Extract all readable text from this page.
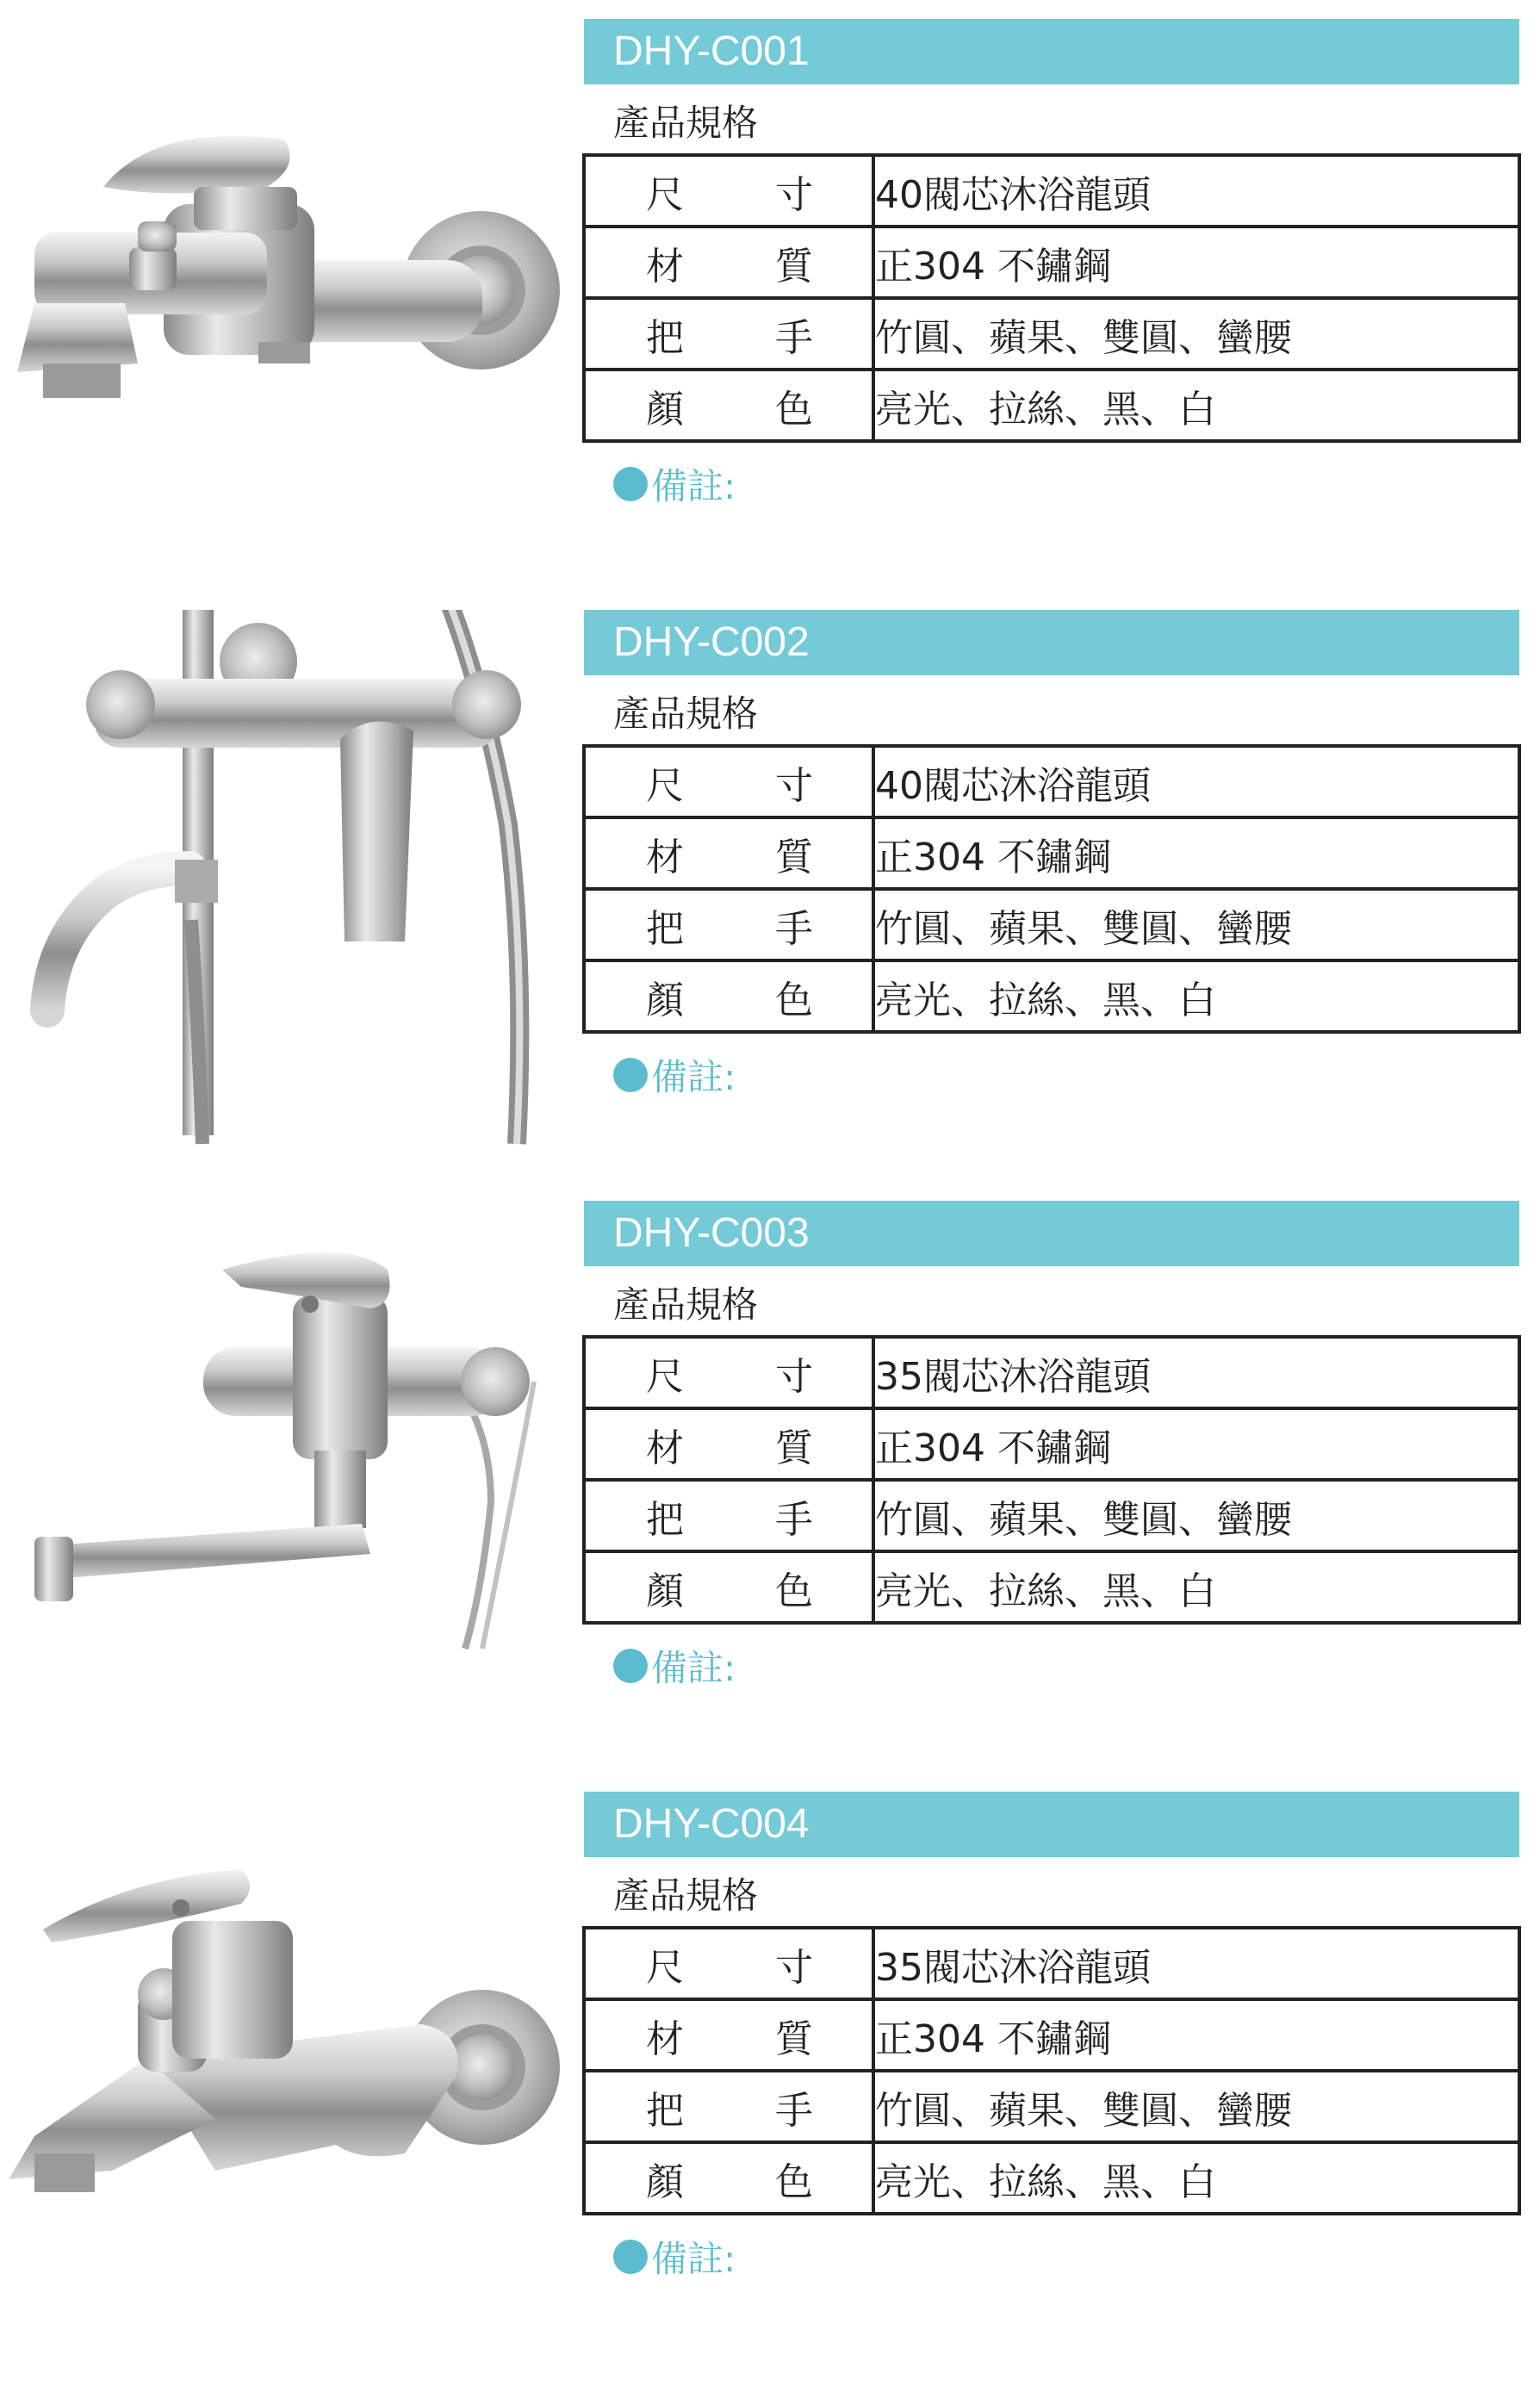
DHY-C001
產品規格
尺 寸	40閥芯沐浴龍頭

材 質	正304 不鏽鋼

把 手	竹圓、蘋果、雙圓、蠻腰

顏 色	亮光、拉絲、黑、白
備註:
DHY-C002
產品規格
尺 寸	40閥芯沐浴龍頭

材 質	正304 不鏽鋼

把 手	竹圓、蘋果、雙圓、蠻腰

顏 色	亮光、拉絲、黑、白
備註:
DHY-C003
產品規格
尺 寸	35閥芯沐浴龍頭

材 質	正304 不鏽鋼

把 手	竹圓、蘋果、雙圓、蠻腰

顏 色	亮光、拉絲、黑、白
備註:
DHY-C004
產品規格
尺 寸	35閥芯沐浴龍頭

材 質	正304 不鏽鋼

把 手	竹圓、蘋果、雙圓、蠻腰

顏 色	亮光、拉絲、黑、白
備註:
